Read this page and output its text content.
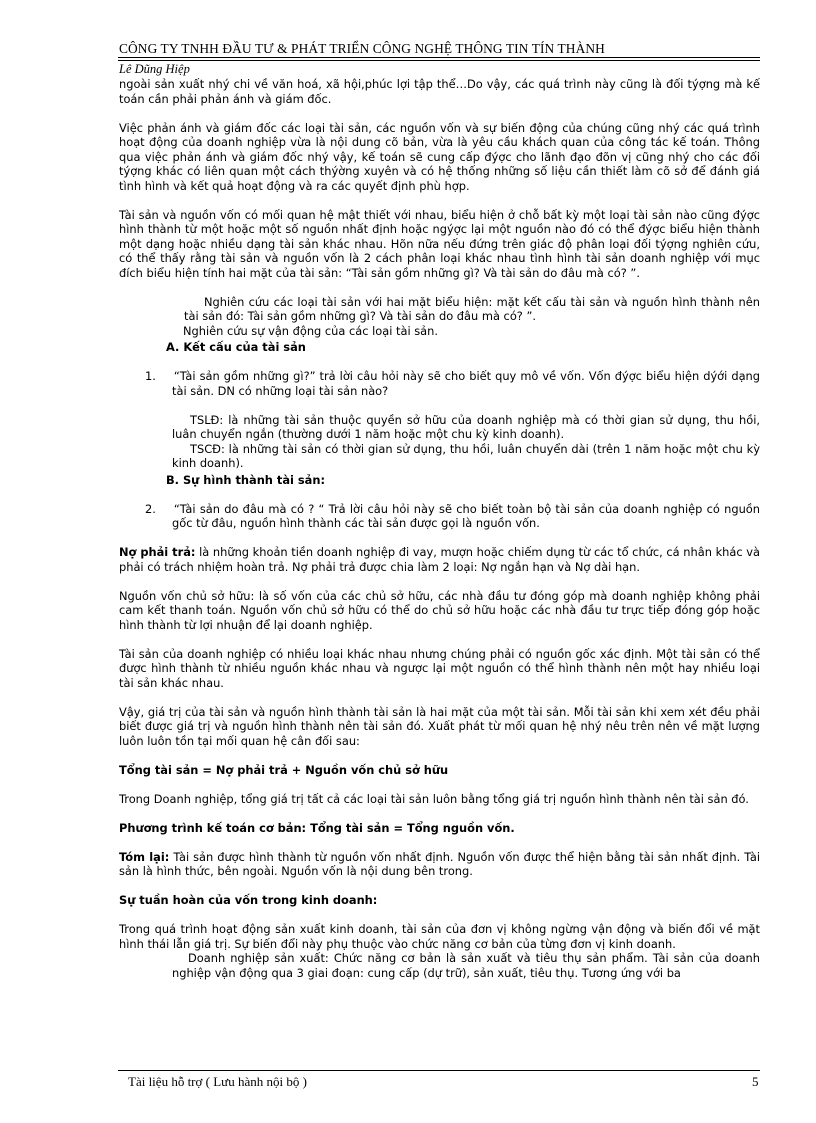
CÔNG TY TNHH ĐẦU TƯ & PHÁT TRIỂN CÔNG NGHỆ THÔNG TIN TÍN THÀNH
Lê Dũng Hiệp

ngoài sản xuất nhý chi về văn hoá, xã hội,phúc lợi tập thể…Do vậy, các quá trình này cũng là đối týợng mà kế toán cần phải phản ánh và giám đốc.

Việc phản ánh và giám đốc các loại tài sản, các nguồn vốn và sự biến động của chúng cũng nhý các quá trình hoạt động của doanh nghiệp vừa là nội dung cõ bản, vừa là yêu cầu khách quan của công tác kế toán. Thông qua việc phản ánh và giám đốc nhý vậy, kế toán sẽ cung cấp đýợc cho lãnh đạo đõn vị cũng nhý cho các đối týợng khác có liên quan một cách thýờng xuyên và có hệ thống những số liệu cần thiết làm cõ sở để đánh giá tình hình và kết quả hoạt động và ra các quyết định phù hợp.

Tài sản và nguồn vốn có mối quan hệ mật thiết với nhau, biểu hiện ở chỗ bất kỳ một loại tài sản nào cũng đýợc hình thành từ một hoặc một số nguồn nhất định hoặc ngýợc lại một nguồn nào đó có thể đýợc biểu hiện thành một dạng hoặc nhiều dạng tài sản khác nhau. Hõn nữa nếu đứng trên giác độ phân loại đối týợng nghiên cứu, có thể thấy rằng tài sản và nguồn vốn là 2 cách phân loại khác nhau tình hình tài sản doanh nghiệp với mục đích biểu hiện tính hai mặt của tài sản: “Tài sản gồm những gì? Và tài sản do đâu mà có? ”.

Nghiên cứu các loại tài sản với hai mặt biểu hiện: mặt kết cấu tài sản và nguồn hình thành nên tài sản đó: Tài sản gồm những gì? Và tài sản do đâu mà có? ”.

Nghiên cứu sự vận động của các loại tài sản.

A. Kết cấu của tài sản

1. “Tài sản gồm những gì?” trả lời câu hỏi này sẽ cho biết quy mô về vốn. Vốn đýợc biểu hiện dýới dạng tài sản. DN có những loại tài sản nào?

TSLĐ: là những tài sản thuộc quyền sở hữu của doanh nghiệp mà có thời gian sử dụng, thu hồi, luân chuyển ngắn (thường dưới 1 năm hoặc một chu kỳ kinh doanh).

TSCĐ: là những tài sản có thời gian sử dụng, thu hồi, luân chuyển dài (trên 1 năm hoặc một chu kỳ kinh doanh).

B. Sự hình thành tài sản:

2. “Tài sản do đâu mà có ? “ Trả lời câu hỏi này sẽ cho biết toàn bộ tài sản của doanh nghiệp có nguồn gốc từ đâu, nguồn hình thành các tài sản được gọi là nguồn vốn.

Nợ phải trả: là những khoản tiền doanh nghiệp đi vay, mượn hoặc chiếm dụng từ các tổ chức, cá nhân khác và phải có trách nhiệm hoàn trả. Nợ phải trả được chia làm 2 loại: Nợ ngắn hạn và Nợ dài hạn.

Nguồn vốn chủ sở hữu: là số vốn của các chủ sở hữu, các nhà đầu tư đóng góp mà doanh nghiệp không phải cam kết thanh toán. Nguồn vốn chủ sở hữu có thể do chủ sở hữu hoặc các nhà đầu tư trực tiếp đóng góp hoặc hình thành từ lợi nhuận để lại doanh nghiệp.

Tài sản của doanh nghiệp có nhiều loại khác nhau nhưng chúng phải có nguồn gốc xác định. Một tài sản có thể được hình thành từ nhiều nguồn khác nhau và ngược lại một nguồn có thể hình thành nên một hay nhiều loại tài sản khác nhau.

Vậy, giá trị của tài sản và nguồn hình thành tài sản là hai mặt của một tài sản. Mỗi tài sản khi xem xét đều phải biết được giá trị và nguồn hình thành nên tài sản đó. Xuất phát từ mối quan hệ nhý nêu trên nên về mặt lượng luôn luôn tồn tại mối quan hệ cân đối sau:

Tổng tài sản = Nợ phải trả + Nguồn vốn chủ sở hữu

Trong Doanh nghiệp, tổng giá trị tất cả các loại tài sản luôn bằng tổng giá trị nguồn hình thành nên tài sản đó.

Phương trình kế toán cơ bản: Tổng tài sản = Tổng nguồn vốn.

Tóm lại: Tài sản được hình thành từ nguồn vốn nhất định. Nguồn vốn được thể hiện bằng tài sản nhất định. Tài sản là hình thức, bên ngoài. Nguồn vốn là nội dung bên trong.

Sự tuần hoàn của vốn trong kinh doanh:

Trong quá trình hoạt động sản xuất kinh doanh, tài sản của đơn vị không ngừng vận động và biến đổi về mặt hình thái lẫn giá trị. Sự biến đổi này phụ thuộc vào chức năng cơ bản của từng đơn vị kinh doanh.

Doanh nghiệp sản xuất: Chức năng cơ bản là sản xuất và tiêu thụ sản phẩm. Tài sản của doanh nghiệp vận động qua 3 giai đoạn: cung cấp (dự trữ), sản xuất, tiêu thụ. Tương ứng với ba

Tài liệu hỗ trợ ( Lưu hành nội bộ )	5
